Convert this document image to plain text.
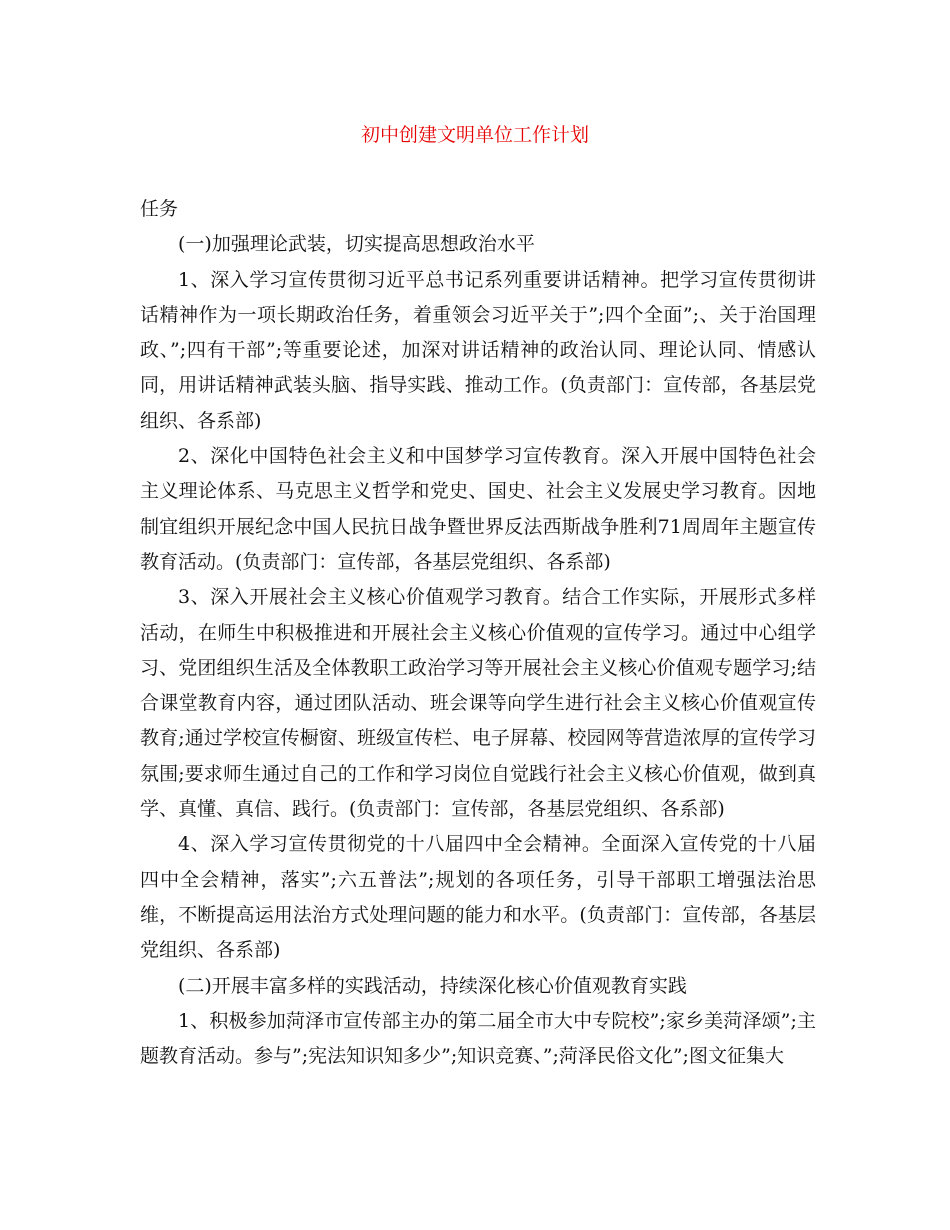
初中创建文明单位工作计划

任务

(一)加强理论武装，切实提高思想政治水平

1、深入学习宣传贯彻习近平总书记系列重要讲话精神。把学习宣传贯彻讲话精神作为一项长期政治任务，着重领会习近平关于”;四个全面”;、关于治国理政、”;四有干部”;等重要论述，加深对讲话精神的政治认同、理论认同、情感认同，用讲话精神武装头脑、指导实践、推动工作。(负责部门：宣传部，各基层党组织、各系部)

2、深化中国特色社会主义和中国梦学习宣传教育。深入开展中国特色社会主义理论体系、马克思主义哲学和党史、国史、社会主义发展史学习教育。因地制宜组织开展纪念中国人民抗日战争暨世界反法西斯战争胜利71周周年主题宣传教育活动。(负责部门：宣传部，各基层党组织、各系部)

3、深入开展社会主义核心价值观学习教育。结合工作实际，开展形式多样活动，在师生中积极推进和开展社会主义核心价值观的宣传学习。通过中心组学习、党团组织生活及全体教职工政治学习等开展社会主义核心价值观专题学习;结合课堂教育内容，通过团队活动、班会课等向学生进行社会主义核心价值观宣传教育;通过学校宣传橱窗、班级宣传栏、电子屏幕、校园网等营造浓厚的宣传学习氛围;要求师生通过自己的工作和学习岗位自觉践行社会主义核心价值观，做到真学、真懂、真信、践行。(负责部门：宣传部，各基层党组织、各系部)

4、深入学习宣传贯彻党的十八届四中全会精神。全面深入宣传党的十八届四中全会精神，落实”;六五普法”;规划的各项任务，引导干部职工增强法治思维，不断提高运用法治方式处理问题的能力和水平。(负责部门：宣传部，各基层党组织、各系部)

(二)开展丰富多样的实践活动，持续深化核心价值观教育实践

1、积极参加菏泽市宣传部主办的第二届全市大中专院校”;家乡美菏泽颂”;主题教育活动。参与”;宪法知识知多少”;知识竞赛、”;菏泽民俗文化”;图文征集大
